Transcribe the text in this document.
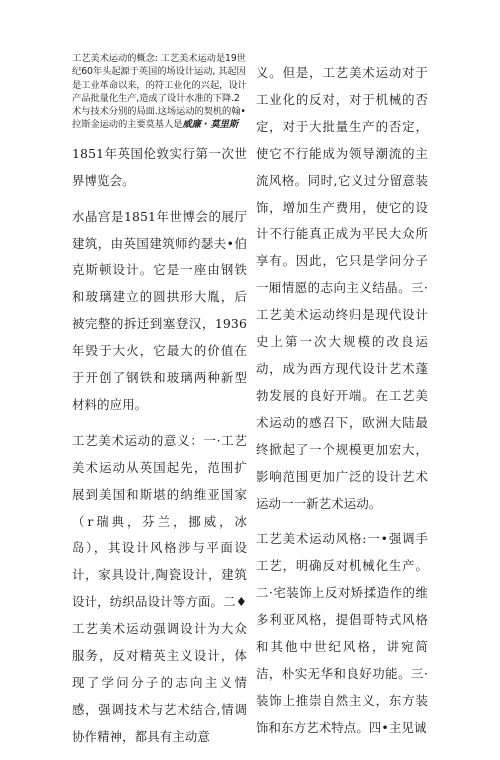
工艺美术运动的概念: 工艺美术运动是19世纪60年头起源于英国的场设计运动, 其起因是工业革命以来，的符工业化的兴起，设计产品批量化生产,造成了设计水准的下降.2术与技术分别的局面.这场运动的契机的翰•拉斯金运动的主要莫基人是威廉 · 莫里斯

1851年英国伦敦实行第一次世界博览会。

水晶宫是1851年世博会的展厅建筑，由英国建筑师约瑟夫•伯克斯顿设计。它是一座由钢铁和玻璃建立的圆拱形大胤，后被完整的拆迁到塞登汉，1936年毁于大火，它最大的价值在于开创了钢铁和玻璃两种新型材料的应用。

工艺美术运动的意义：一·工艺美术运动从英国起先，范围扩展到美国和斯堪的纳维亚国家（r瑞典，芬兰，挪威，冰岛），其设计风格涉与平面设计，家具设计,陶瓷设计，建筑设计，纺织品设计等方面。二♦工艺美术运动强调设计为大众服务，反对精英主义设计，体现了学问分子的志向主义情感，强调技术与艺术结合,情调协作精神，都具有主动意

义。但是，工艺美术运动对于工业化的反对，对于机械的否定，对于大批量生产的否定，使它不行能成为领导潮流的主流风格。同时,它义过分留意装饰，增加生产费用，使它的设计不行能真正成为平民大众所享有。因此，它只是学问分子一厢情愿的志向主义结晶。三·工艺美术运动终归是现代设计史上第一次大规模的改良运动，成为西方现代设计艺术蓬勃发展的良好开端。在工艺美术运动的感召下，欧洲大陆最终掀起了一个规模更加宏大，影响范围更加广泛的设计艺术运动一一新艺术运动。

工艺美术运动风格:一•强调手工艺，明确反对机械化生产。二·宅装饰上反对矫揉造作的维多利亚风格，提倡哥特式风格和其他中世纪风格，讲宛简洁，朴实无华和良好功能。三·装饰上推崇自然主义，东方装饰和东方艺术特点。四•主见诚
